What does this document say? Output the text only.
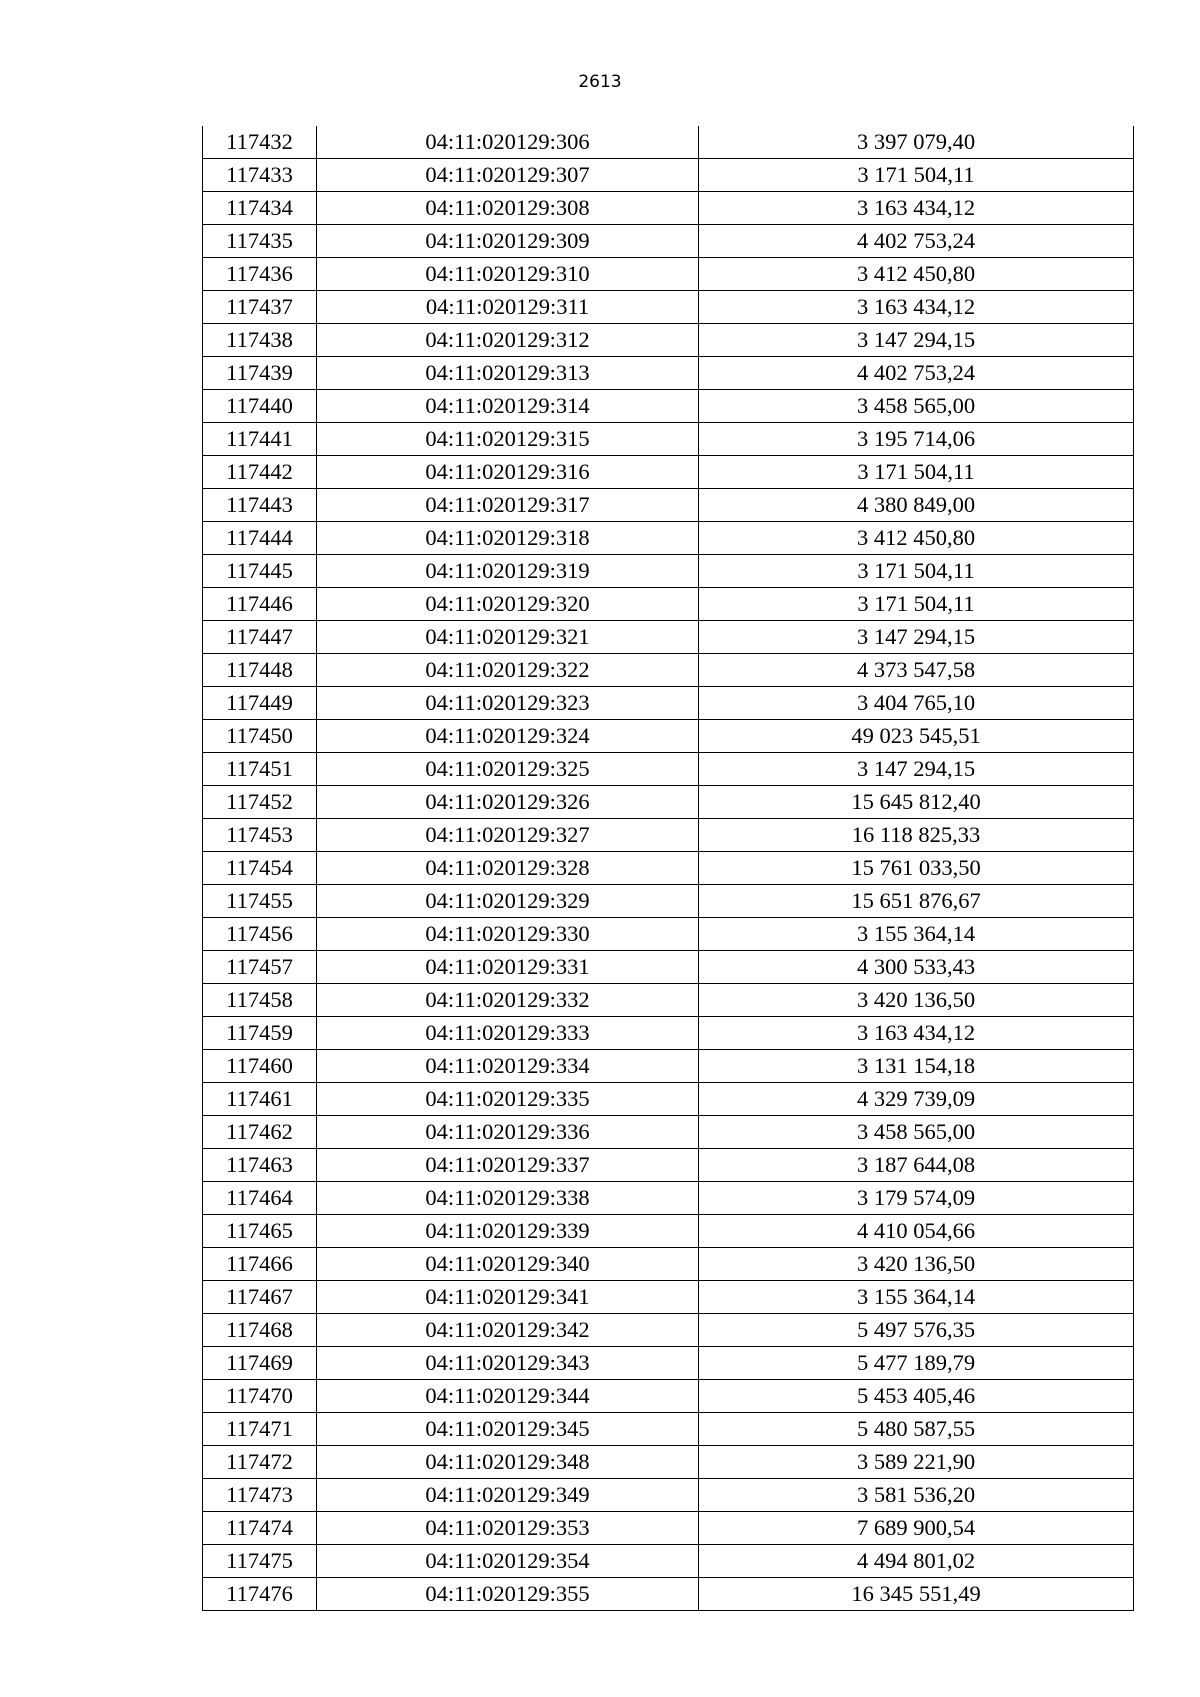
2613
117432	04:11:020129:306	3 397 079,40
117433	04:11:020129:307	3 171 504,11
117434	04:11:020129:308	3 163 434,12
117435	04:11:020129:309	4 402 753,24
117436	04:11:020129:310	3 412 450,80
117437	04:11:020129:311	3 163 434,12
117438	04:11:020129:312	3 147 294,15
117439	04:11:020129:313	4 402 753,24
117440	04:11:020129:314	3 458 565,00
117441	04:11:020129:315	3 195 714,06
117442	04:11:020129:316	3 171 504,11
117443	04:11:020129:317	4 380 849,00
117444	04:11:020129:318	3 412 450,80
117445	04:11:020129:319	3 171 504,11
117446	04:11:020129:320	3 171 504,11
117447	04:11:020129:321	3 147 294,15
117448	04:11:020129:322	4 373 547,58
117449	04:11:020129:323	3 404 765,10
117450	04:11:020129:324	49 023 545,51
117451	04:11:020129:325	3 147 294,15
117452	04:11:020129:326	15 645 812,40
117453	04:11:020129:327	16 118 825,33
117454	04:11:020129:328	15 761 033,50
117455	04:11:020129:329	15 651 876,67
117456	04:11:020129:330	3 155 364,14
117457	04:11:020129:331	4 300 533,43
117458	04:11:020129:332	3 420 136,50
117459	04:11:020129:333	3 163 434,12
117460	04:11:020129:334	3 131 154,18
117461	04:11:020129:335	4 329 739,09
117462	04:11:020129:336	3 458 565,00
117463	04:11:020129:337	3 187 644,08
117464	04:11:020129:338	3 179 574,09
117465	04:11:020129:339	4 410 054,66
117466	04:11:020129:340	3 420 136,50
117467	04:11:020129:341	3 155 364,14
117468	04:11:020129:342	5 497 576,35
117469	04:11:020129:343	5 477 189,79
117470	04:11:020129:344	5 453 405,46
117471	04:11:020129:345	5 480 587,55
117472	04:11:020129:348	3 589 221,90
117473	04:11:020129:349	3 581 536,20
117474	04:11:020129:353	7 689 900,54
117475	04:11:020129:354	4 494 801,02
117476	04:11:020129:355	16 345 551,49
